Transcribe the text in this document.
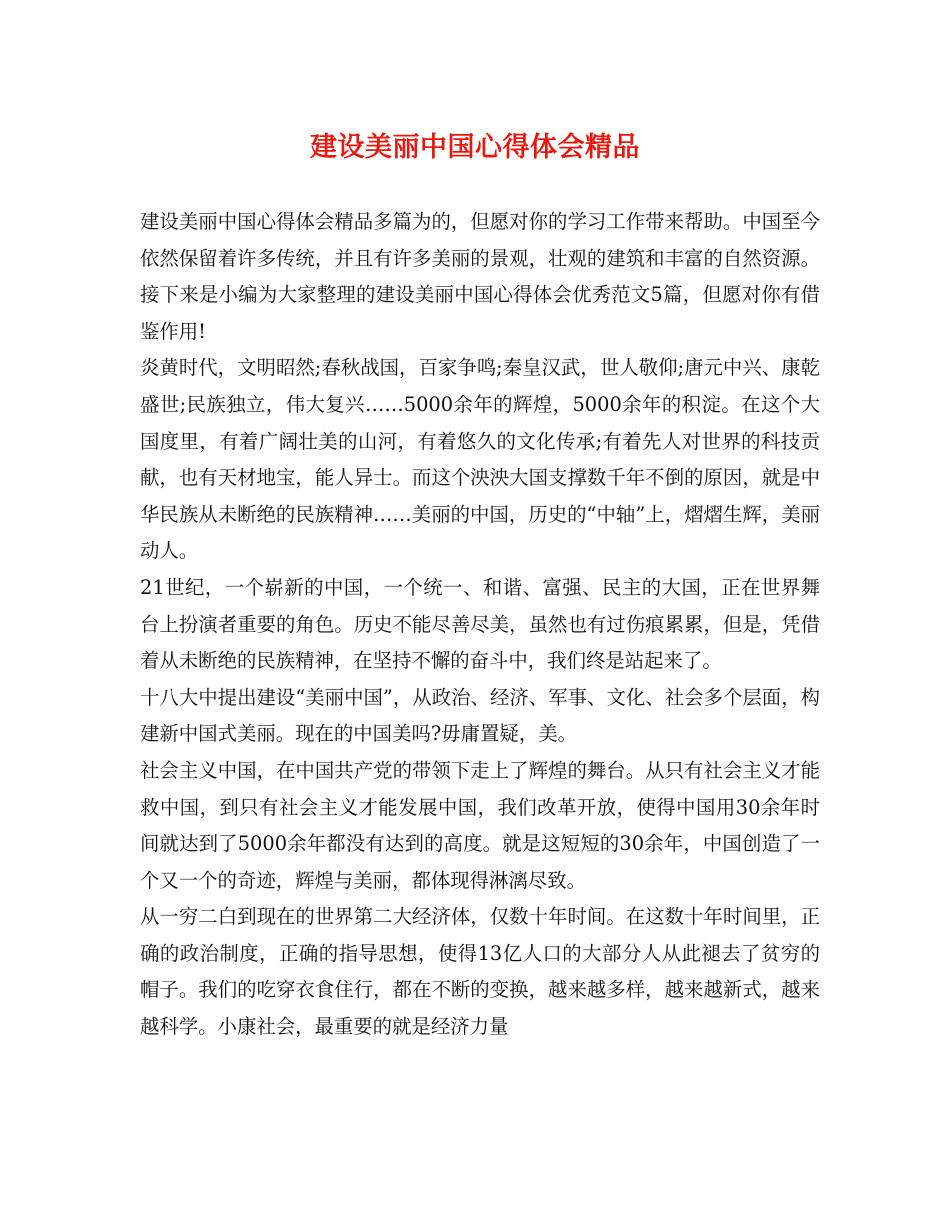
建设美丽中国心得体会精品

建设美丽中国心得体会精品多篇为的，但愿对你的学习工作带来帮助。中国至今依然保留着许多传统，并且有许多美丽的景观，壮观的建筑和丰富的自然资源。接下来是小编为大家整理的建设美丽中国心得体会优秀范文5篇，但愿对你有借鉴作用!

炎黄时代，文明昭然;春秋战国，百家争鸣;秦皇汉武，世人敬仰;唐元中兴、康乾盛世;民族独立，伟大复兴……5000余年的辉煌，5000余年的积淀。在这个大国度里，有着广阔壮美的山河，有着悠久的文化传承;有着先人对世界的科技贡献，也有天材地宝，能人异士。而这个泱泱大国支撑数千年不倒的原因，就是中华民族从未断绝的民族精神……美丽的中国，历史的“中轴”上，熠熠生辉，美丽动人。

21世纪，一个崭新的中国，一个统一、和谐、富强、民主的大国，正在世界舞台上扮演者重要的角色。历史不能尽善尽美，虽然也有过伤痕累累，但是，凭借着从未断绝的民族精神，在坚持不懈的奋斗中，我们终是站起来了。

十八大中提出建设“美丽中国”，从政治、经济、军事、文化、社会多个层面，构建新中国式美丽。现在的中国美吗?毋庸置疑，美。

社会主义中国，在中国共产党的带领下走上了辉煌的舞台。从只有社会主义才能救中国，到只有社会主义才能发展中国，我们改革开放，使得中国用30余年时间就达到了5000余年都没有达到的高度。就是这短短的30余年，中国创造了一个又一个的奇迹，辉煌与美丽，都体现得淋漓尽致。

从一穷二白到现在的世界第二大经济体，仅数十年时间。在这数十年时间里，正确的政治制度，正确的指导思想，使得13亿人口的大部分人从此褪去了贫穷的帽子。我们的吃穿衣食住行，都在不断的变换，越来越多样，越来越新式，越来越科学。小康社会，最重要的就是经济力量
